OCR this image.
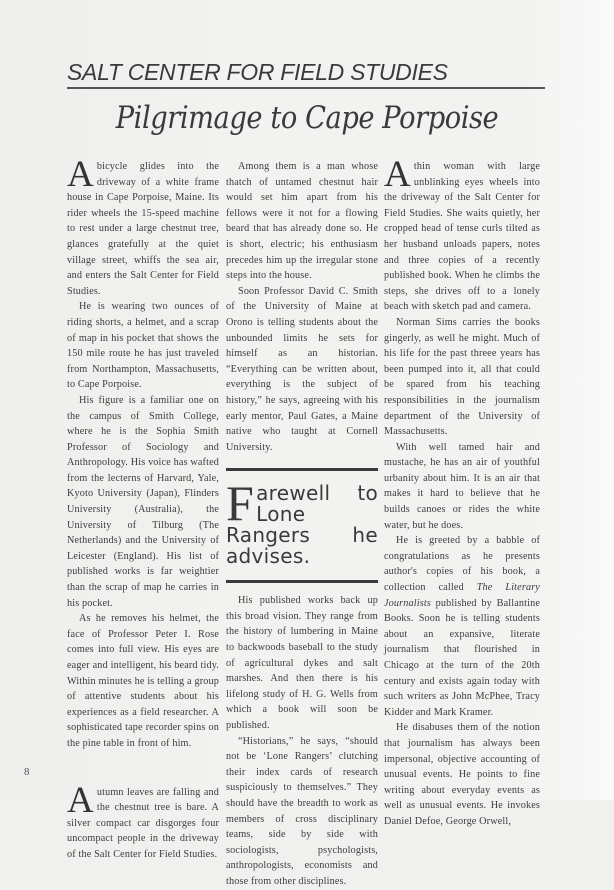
SALT CENTER FOR FIELD STUDIES
Pilgrimage to Cape Porpoise

Abicycle glides into the driveway of a white frame house in Cape Porpoise, Maine. Its rider wheels the 15-speed machine to rest under a large chestnut tree, glances gratefully at the quiet village street, whiffs the sea air, and enters the Salt Center for Field Studies.

He is wearing two ounces of riding shorts, a helmet, and a scrap of map in his pocket that shows the 150 mile route he has just traveled from Northampton, Massachusetts, to Cape Porpoise.

His figure is a familiar one on the campus of Smith College, where he is the Sophia Smith Professor of Sociology and Anthropology. His voice has wafted from the lecterns of Harvard, Yale, Kyoto University (Japan), Flinders University (Australia), the University of Tilburg (The Netherlands) and the University of Leicester (England). His list of published works is far weightier than the scrap of map he carries in his pocket.

As he removes his helmet, the face of Professor Peter I. Rose comes into full view. His eyes are eager and intelligent, his beard tidy. Within minutes he is telling a group of attentive students about his experiences as a field researcher. A sophisticated tape recorder spins on the pine table in front of him.

Autumn leaves are falling and the chestnut tree is bare. A silver compact car disgorges four uncompact people in the driveway of the Salt Center for Field Studies.

Among them is a man whose thatch of untamed chestnut hair would set him apart from his fellows were it not for a flowing beard that has already done so. He is short, electric; his enthusiasm precedes him up the irregular stone steps into the house.

Soon Professor David C. Smith of the University of Maine at Orono is telling students about the unbounded limits he sets for himself as an historian. “Everything can be written about, everything is the subject of history,” he says, agreeing with his early mentor, Paul Gates, a Maine native who taught at Cornell University.

Farewell to Lone Rangers he advises.

His published works back up this broad vision. They range from the history of lumbering in Maine to backwoods baseball to the study of agricultural dykes and salt marshes. And then there is his lifelong study of H. G. Wells from which a book will soon be published.

“Historians,” he says, “should not be ‘Lone Rangers’ clutching their index cards of research suspiciously to themselves.” They should have the breadth to work as members of cross disciplinary teams, side by side with sociologists, psychologists, anthropologists, economists and those from other disciplines.

Athin woman with large unblinking eyes wheels into the driveway of the Salt Center for Field Studies. She waits quietly, her cropped head of tense curls tilted as her husband unloads papers, notes and three copies of a recently published book. When he climbs the steps, she drives off to a lonely beach with sketch pad and camera.

Norman Sims carries the books gingerly, as well he might. Much of his life for the past threee years has been pumped into it, all that could be spared from his teaching responsibilities in the journalism department of the University of Massachusetts.

With well tamed hair and mustache, he has an air of youthful urbanity about him. It is an air that makes it hard to believe that he builds canoes or rides the white water, but he does.

He is greeted by a babble of congratulations as he presents author's copies of his book, a collection called The Literary Journalists published by Ballantine Books. Soon he is telling students about an expansive, literate journalism that flourished in Chicago at the turn of the 20th century and exists again today with such writers as John McPhee, Tracy Kidder and Mark Kramer.

He disabuses them of the notion that journalism has always been impersonal, objective accounting of unusual events. He points to fine writing about everyday events as well as unusual events. He invokes Daniel Defoe, George Orwell,

8
